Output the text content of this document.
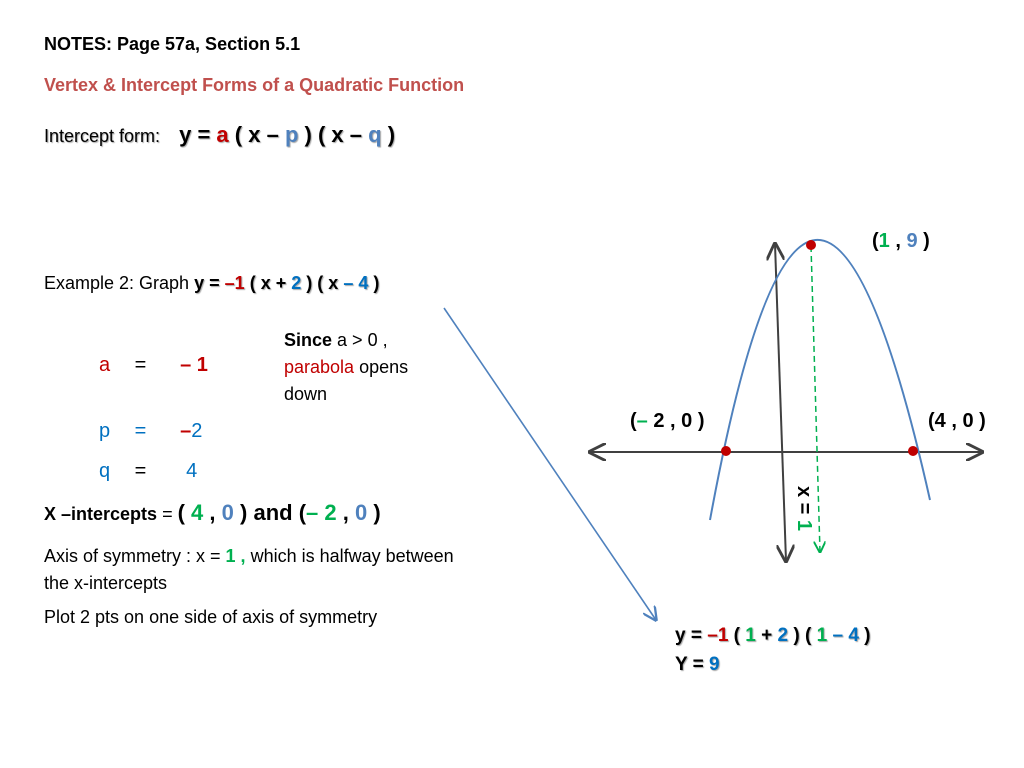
NOTES: Page 57a, Section 5.1
Vertex & Intercept Forms of a Quadratic Function
Intercept form: y = a ( x – p ) ( x – q )
Example 2: Graph y = –1 ( x + 2 ) ( x – 4 )
Since a > 0 ,
parabola opens down
a = – 1
p = –2
q = 4
X –intercepts = ( 4 , 0 ) and (– 2 , 0 )
Axis of symmetry : x = 1 , which is halfway between the x-intercepts
Plot 2 pts on one side of axis of symmetry
y = –1 ( 1 + 2 ) ( 1 – 4 )
Y = 9
(1 , 9 )
(– 2 , 0 )	(4 , 0 )
x = 1
